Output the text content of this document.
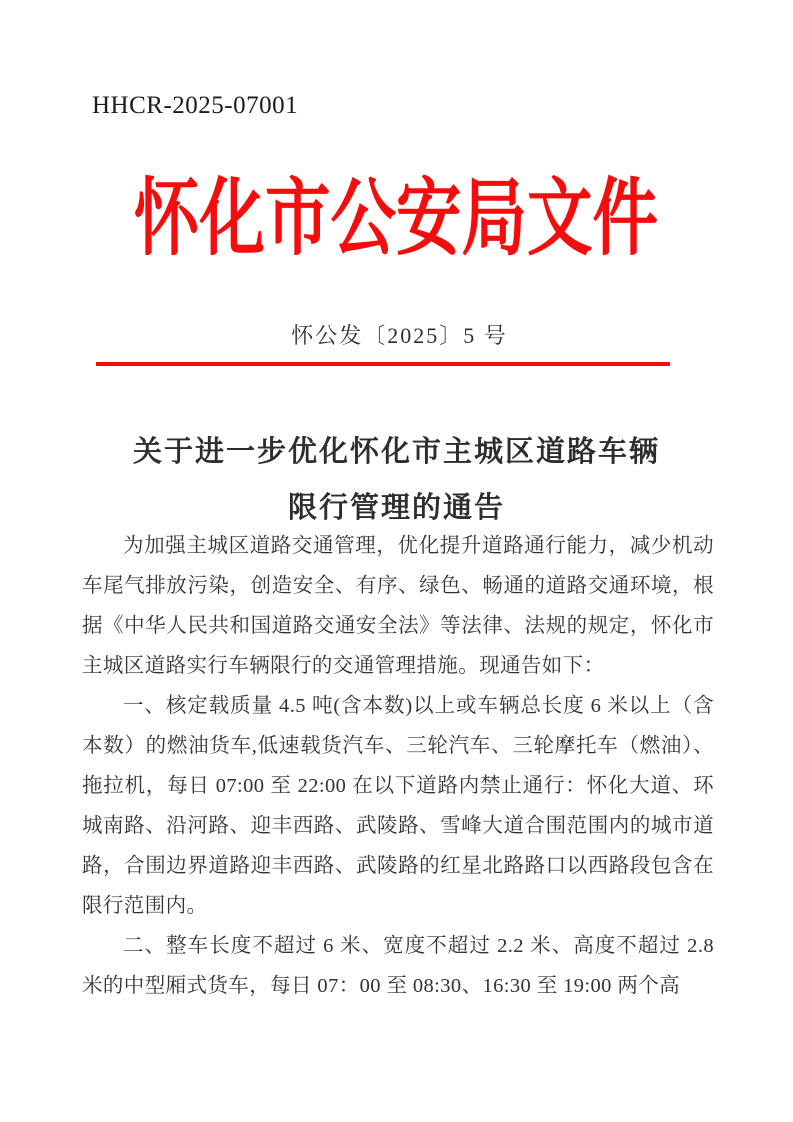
HHCR-2025-07001
怀化市公安局文件
怀公发〔2025〕5 号
关于进一步优化怀化市主城区道路车辆
限行管理的通告

为加强主城区道路交通管理，优化提升道路通行能力，减少机动车尾气排放污染，创造安全、有序、绿色、畅通的道路交通环境，根据《中华人民共和国道路交通安全法》等法律、法规的规定，怀化市主城区道路实行车辆限行的交通管理措施。现通告如下：

一、核定载质量 4.5 吨(含本数)以上或车辆总长度 6 米以上（含本数）的燃油货车,低速载货汽车、三轮汽车、三轮摩托车（燃油）、拖拉机，每日 07:00 至 22:00 在以下道路内禁止通行：怀化大道、环城南路、沿河路、迎丰西路、武陵路、雪峰大道合围范围内的城市道路，合围边界道路迎丰西路、武陵路的红星北路路口以西路段包含在限行范围内。

二、整车长度不超过 6 米、宽度不超过 2.2 米、高度不超过 2.8 米的中型厢式货车，每日 07：00 至 08:30、16:30 至 19:00 两个高
